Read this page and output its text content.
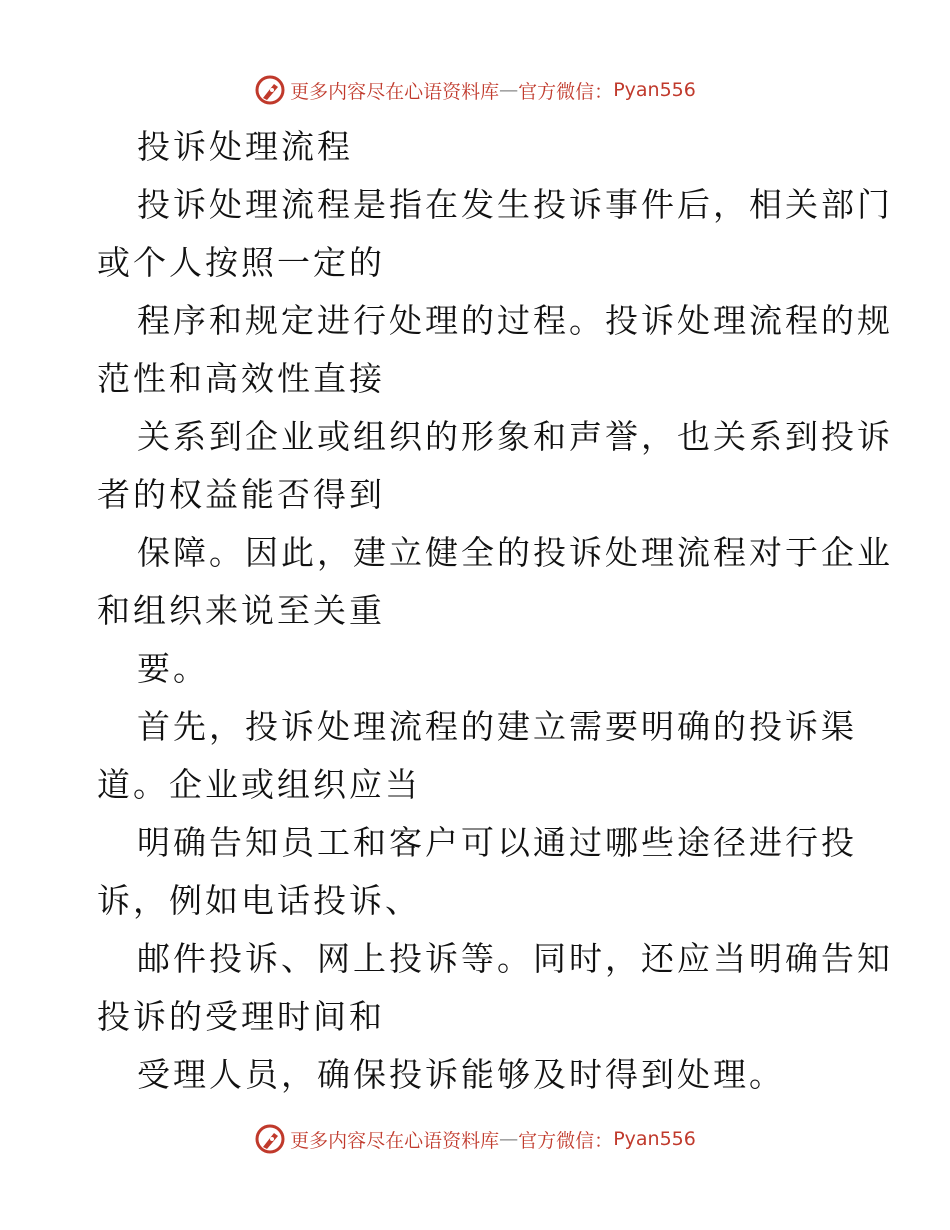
更多内容尽在心语资料库 — 官方微信： Pyan556
投诉处理流程
投诉处理流程是指在发生投诉事件后，相关部门
或个人按照一定的
程序和规定进行处理的过程。投诉处理流程的规
范性和高效性直接
关系到企业或组织的形象和声誉，也关系到投诉
者的权益能否得到
保障。因此，建立健全的投诉处理流程对于企业
和组织来说至关重
要。
首先，投诉处理流程的建立需要明确的投诉渠
道。企业或组织应当
明确告知员工和客户可以通过哪些途径进行投
诉，例如电话投诉、
邮件投诉、网上投诉等。同时，还应当明确告知
投诉的受理时间和
受理人员，确保投诉能够及时得到处理。
更多内容尽在心语资料库 — 官方微信： Pyan556
